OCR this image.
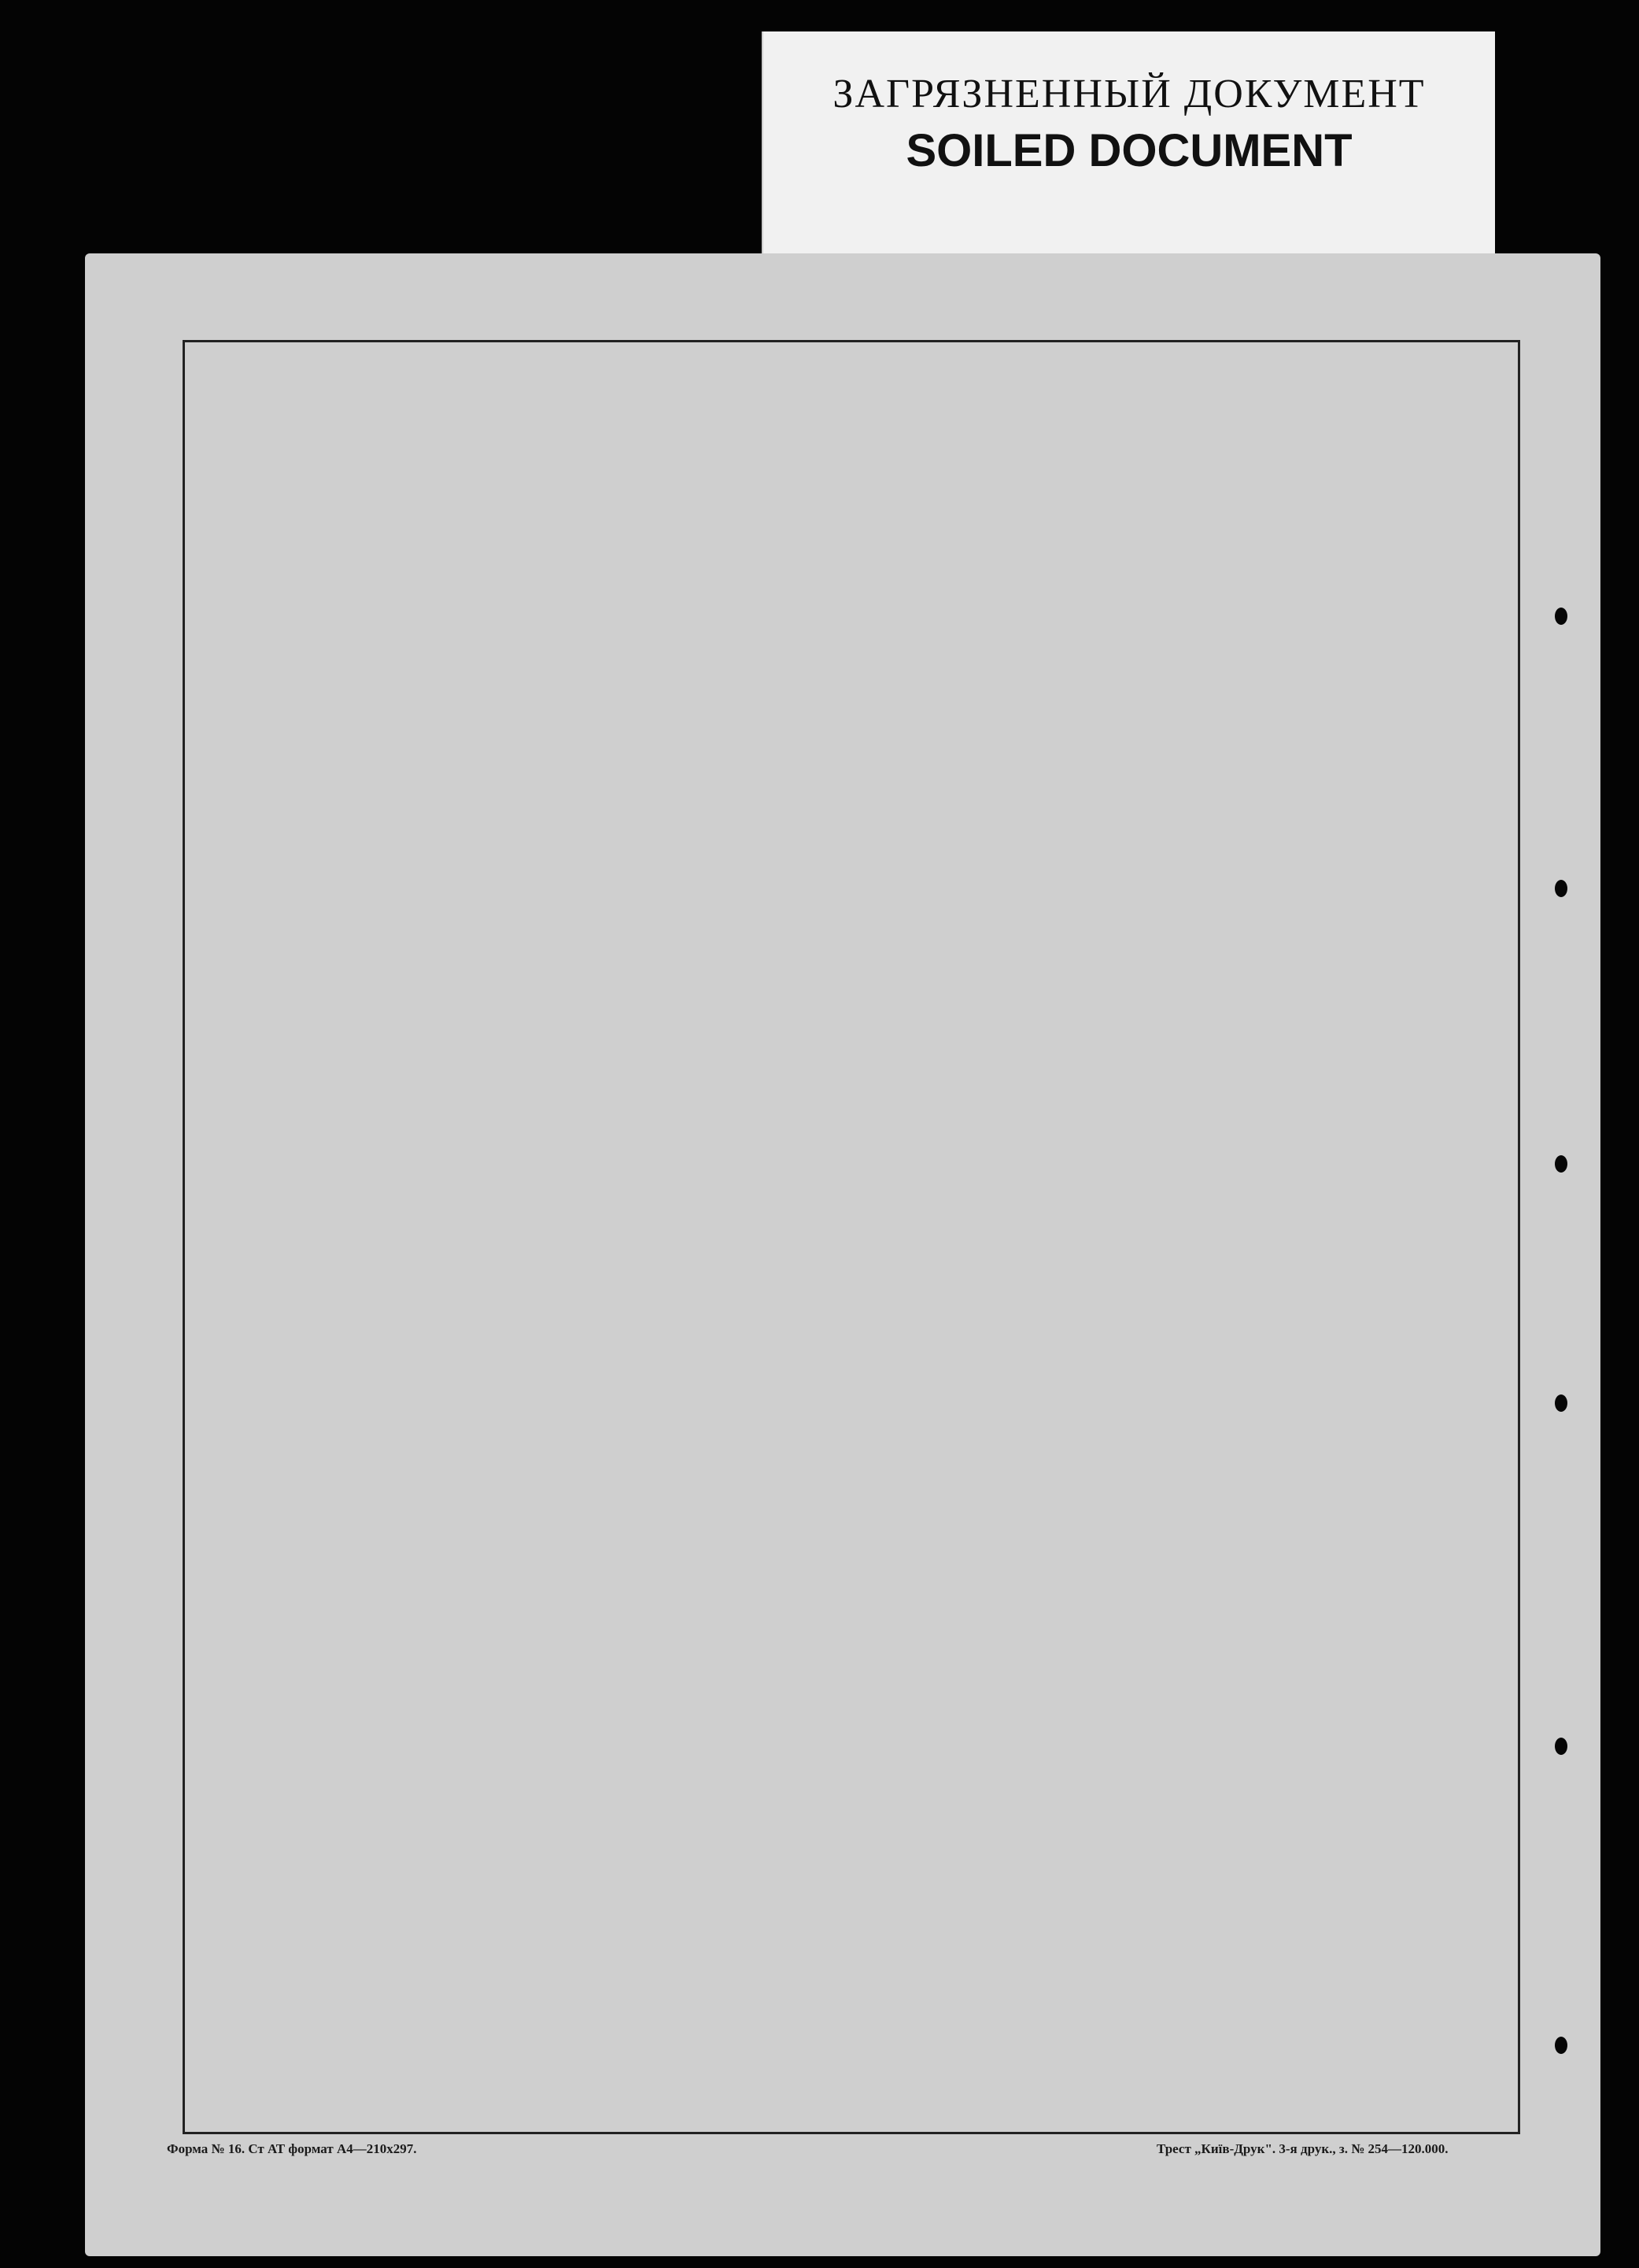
ЗАГРЯЗНЕННЫЙ ДОКУМЕНТ
SOILED DOCUMENT
Форма № 16. Ст АТ формат А4—210х297.	Трест „Київ-Друк". 3-я друк., з. № 254—120.000.
